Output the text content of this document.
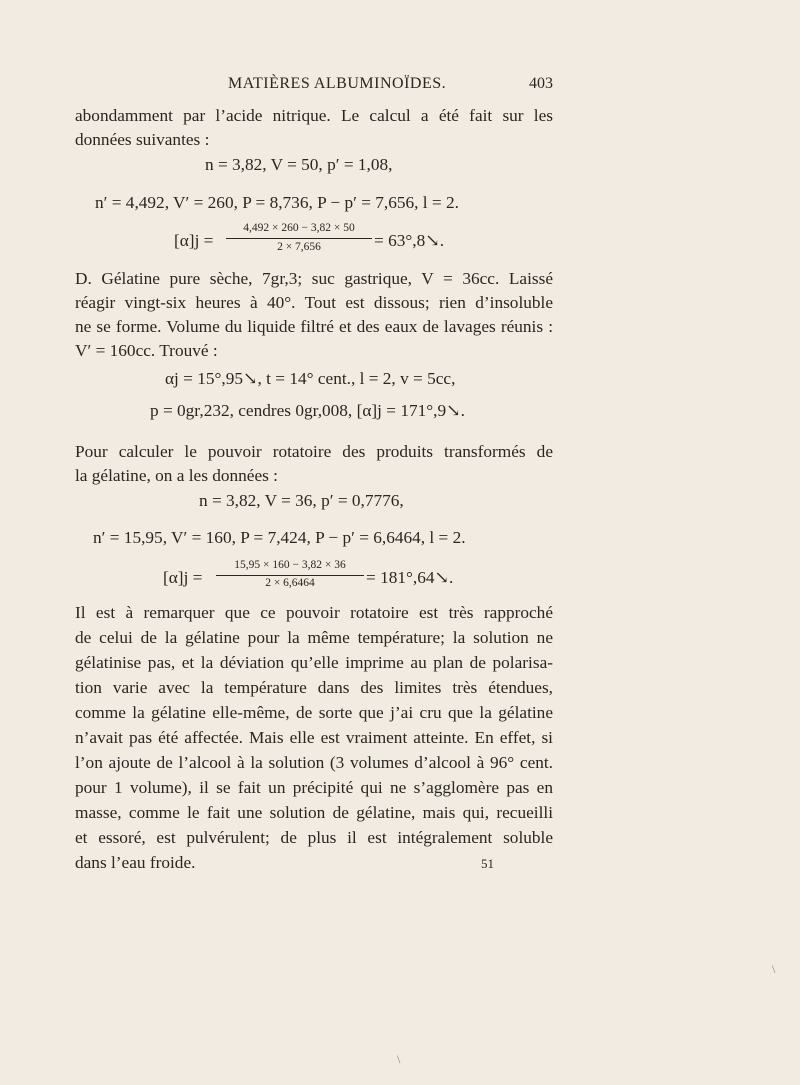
MATIÈRES ALBUMINOÏDES.	403
abondamment par l’acide nitrique. Le calcul a été fait sur les
données suivantes :
n = 3,82, V = 50, p′ = 1,08,
n′ = 4,492, V′ = 260, P = 8,736, P − p′ = 7,656, l = 2.
[α]j =
4,492 × 260 − 3,82 × 50
2 × 7,656	= 63°,8↘.
D. Gélatine pure sèche, 7gr,3; suc gastrique, V = 36cc. Laissé
réagir vingt-six heures à 40°. Tout est dissous; rien d’insoluble
ne se forme. Volume du liquide filtré et des eaux de lavages réunis :
V′ = 160cc. Trouvé :
αj = 15°,95↘, t = 14° cent., l = 2, v = 5cc,
p = 0gr,232, cendres 0gr,008, [α]j = 171°,9↘.
Pour calculer le pouvoir rotatoire des produits transformés de
la gélatine, on a les données :
n = 3,82, V = 36, p′ = 0,7776,
n′ = 15,95, V′ = 160, P = 7,424, P − p′ = 6,6464, l = 2.
[α]j =
15,95 × 160 − 3,82 × 36
2 × 6,6464	= 181°,64↘.
Il est à remarquer que ce pouvoir rotatoire est très rapproché
de celui de la gélatine pour la même température; la solution ne
gélatinise pas, et la déviation qu’elle imprime au plan de polarisa-
tion varie avec la température dans des limites très étendues,
comme la gélatine elle-même, de sorte que j’ai cru que la gélatine
n’avait pas été affectée. Mais elle est vraiment atteinte. En effet, si
l’on ajoute de l’alcool à la solution (3 volumes d’alcool à 96° cent.
pour 1 volume), il se fait un précipité qui ne s’agglomère pas en
masse, comme le fait une solution de gélatine, mais qui, recueilli
et essoré, est pulvérulent; de plus il est intégralement soluble
dans l’eau froide.	51
\
\
